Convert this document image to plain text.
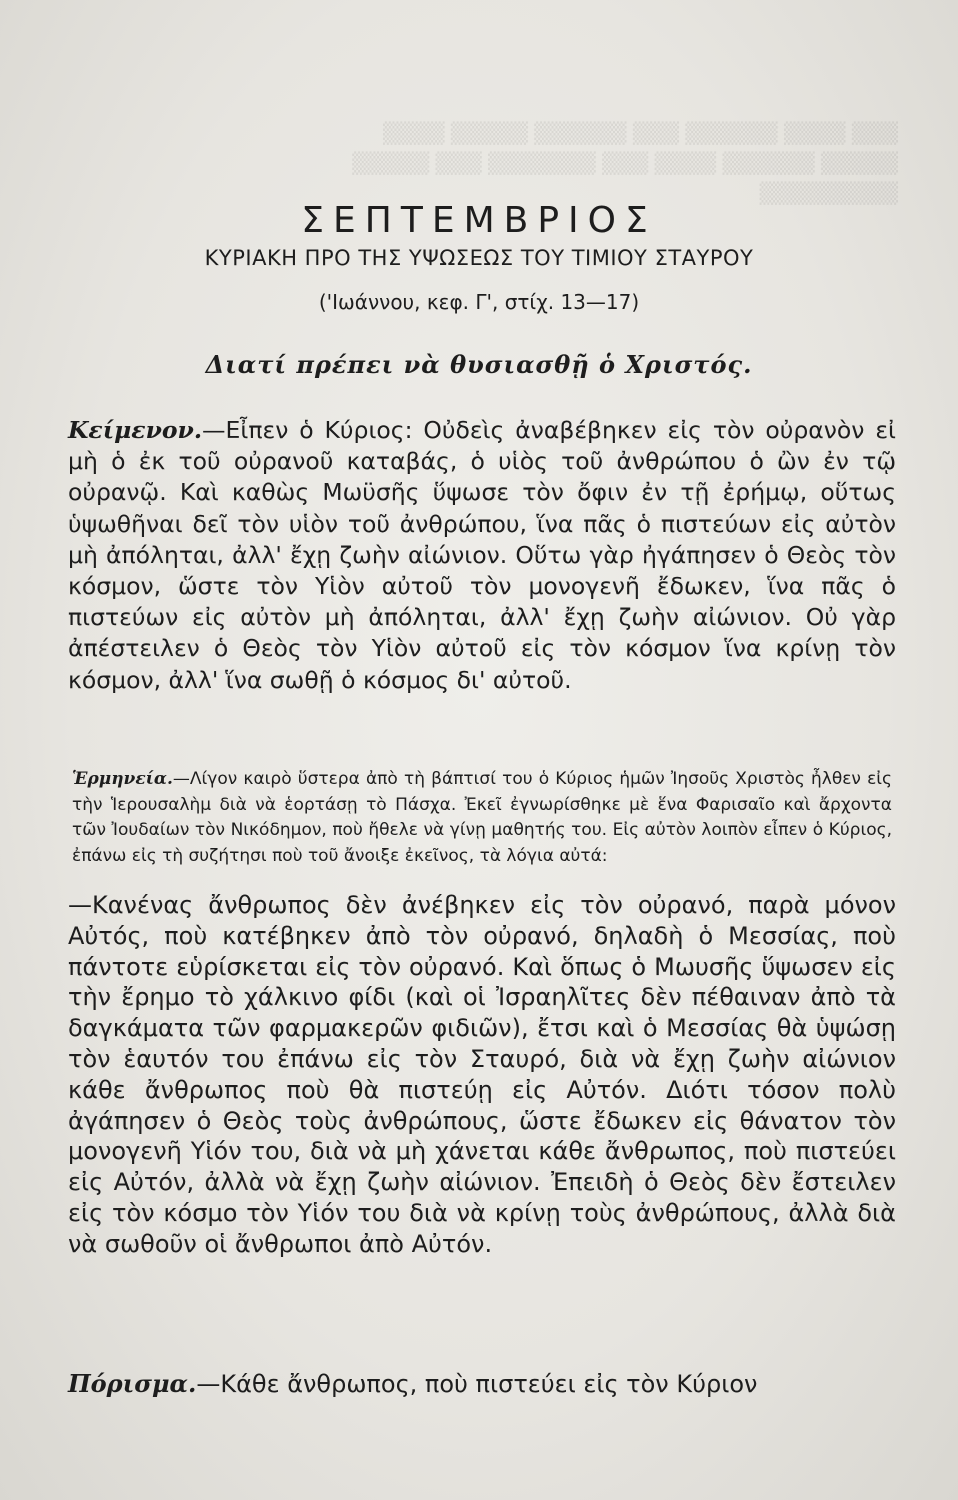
▒▒▒ ▒▒▒▒ ▒▒▒▒▒▒ ▒▒▒ ▒▒▒▒▒▒ ▒▒▒▒▒ ▒▒▒▒
▒▒▒▒▒ ▒▒▒▒▒▒ ▒▒▒▒ ▒▒▒ ▒▒▒▒▒▒▒ ▒▒▒ ▒▒▒▒▒
▒▒▒▒▒▒▒▒▒
ΣΕΠΤΕΜΒΡΙΟΣ
ΚΥΡΙΑΚΗ ΠΡΟ ΤΗΣ ΥΨΩΣΕΩΣ ΤΟΥ ΤΙΜΙΟΥ ΣΤΑΥΡΟΥ
('Ιωάννου, κεφ. Γ', στίχ. 13—17)
Διατί πρέπει νὰ θυσιασθῇ ὁ Χριστός.

Κείμενον.—Εἶπεν ὁ Κύριος: Οὐδεὶς ἀναβέβηκεν εἰς τὸν οὐρανὸν εἰ μὴ ὁ ἐκ τοῦ οὐρανοῦ καταβάς, ὁ υἱὸς τοῦ ἀνθρώπου ὁ ὢν ἐν τῷ οὐρανῷ. Καὶ καθὼς Μωϋσῆς ὕψωσε τὸν ὄφιν ἐν τῇ ἐρήμῳ, οὕτως ὑψωθῆναι δεῖ τὸν υἱὸν τοῦ ἀνθρώπου, ἵνα πᾶς ὁ πιστεύων εἰς αὐτὸν μὴ ἀπόληται, ἀλλ' ἔχῃ ζωὴν αἰώνιον. Οὕτω γὰρ ἠγάπησεν ὁ Θεὸς τὸν κόσμον, ὥστε τὸν Υἱὸν αὐτοῦ τὸν μονογενῆ ἔδωκεν, ἵνα πᾶς ὁ πιστεύων εἰς αὐτὸν μὴ ἀπόληται, ἀλλ' ἔχῃ ζωὴν αἰώνιον. Οὐ γὰρ ἀπέστειλεν ὁ Θεὸς τὸν Υἱὸν αὐτοῦ εἰς τὸν κόσμον ἵνα κρίνῃ τὸν κόσμον, ἀλλ' ἵνα σωθῇ ὁ κόσμος δι' αὐτοῦ.

Ἑρμηνεία.—Λίγον καιρὸ ὕστερα ἀπὸ τὴ βάπτισί του ὁ Κύριος ἡμῶν Ἰησοῦς Χριστὸς ἦλθεν εἰς τὴν Ἱερουσαλὴμ διὰ νὰ ἑορτάσῃ τὸ Πάσχα. Ἐκεῖ ἐγνωρίσθηκε μὲ ἕνα Φαρισαῖο καὶ ἄρχοντα τῶν Ἰουδαίων τὸν Νικόδημον, ποὺ ἤθελε νὰ γίνῃ μαθητής του. Εἰς αὐτὸν λοιπὸν εἶπεν ὁ Κύριος, ἐπάνω εἰς τὴ συζήτησι ποὺ τοῦ ἄνοιξε ἐκεῖνος, τὰ λόγια αὐτά:

—Κανένας ἄνθρωπος δὲν ἀνέβηκεν εἰς τὸν οὐρανό, παρὰ μόνον Αὐτός, ποὺ κατέβηκεν ἀπὸ τὸν οὐρανό, δηλαδὴ ὁ Μεσσίας, ποὺ πάντοτε εὑρίσκεται εἰς τὸν οὐρανό. Καὶ ὅπως ὁ Μωυσῆς ὕψωσεν εἰς τὴν ἔρημο τὸ χάλκινο φίδι (καὶ οἱ Ἰσραηλῖτες δὲν πέθαιναν ἀπὸ τὰ δαγκάματα τῶν φαρμακερῶν φιδιῶν), ἔτσι καὶ ὁ Μεσσίας θὰ ὑψώσῃ τὸν ἑαυτόν του ἐπάνω εἰς τὸν Σταυρό, διὰ νὰ ἔχῃ ζωὴν αἰώνιον κάθε ἄνθρωπος ποὺ θὰ πιστεύῃ εἰς Αὐτόν. Διότι τόσον πολὺ ἀγάπησεν ὁ Θεὸς τοὺς ἀνθρώπους, ὥστε ἔδωκεν εἰς θάνατον τὸν μονογενῆ Υἱόν του, διὰ νὰ μὴ χάνεται κάθε ἄνθρωπος, ποὺ πιστεύει εἰς Αὐτόν, ἀλλὰ νὰ ἔχῃ ζωὴν αἰώνιον. Ἐπειδὴ ὁ Θεὸς δὲν ἔστειλεν εἰς τὸν κόσμο τὸν Υἱόν του διὰ νὰ κρίνῃ τοὺς ἀνθρώπους, ἀλλὰ διὰ νὰ σωθοῦν οἱ ἄνθρωποι ἀπὸ Αὐτόν.

Πόρισμα.—Κάθε ἄνθρωπος, ποὺ πιστεύει εἰς τὸν Κύριον
